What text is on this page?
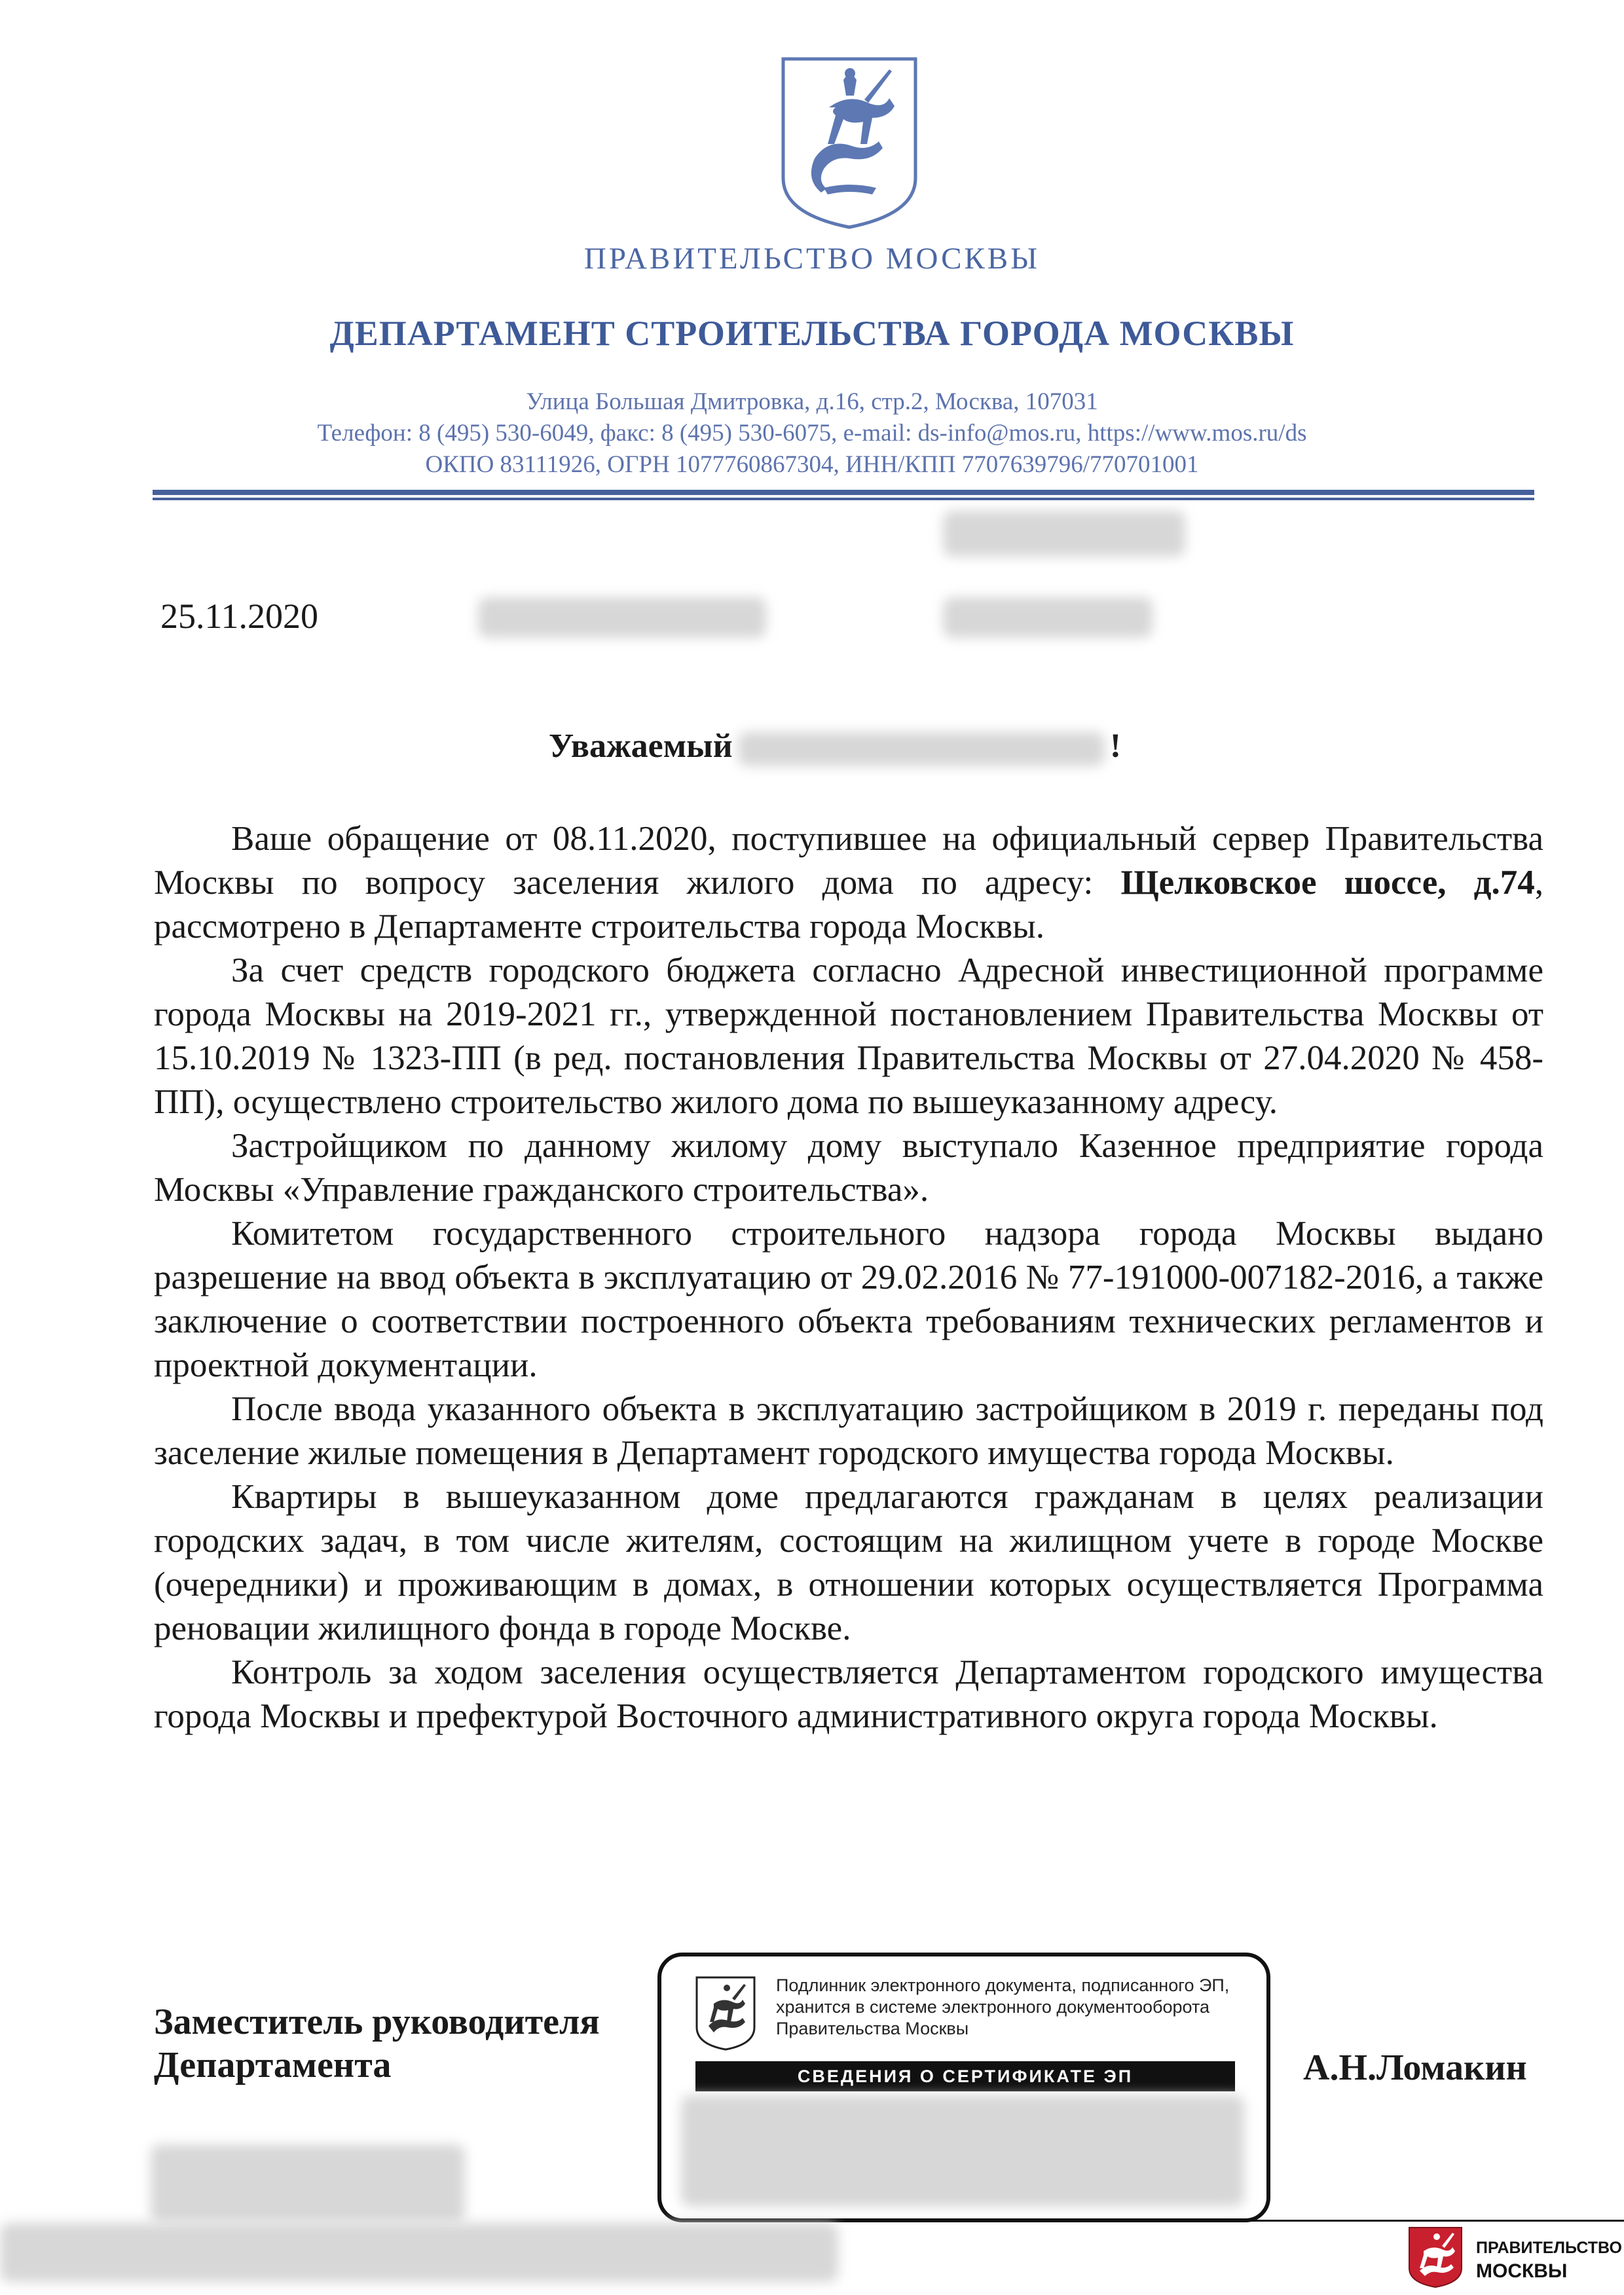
ПРАВИТЕЛЬСТВО МОСКВЫ
ДЕПАРТАМЕНТ СТРОИТЕЛЬСТВА ГОРОДА МОСКВЫ
Улица Большая Дмитровка, д.16, стр.2, Москва, 107031
Телефон: 8 (495) 530-6049, факс: 8 (495) 530-6075, e-mail: ds-info@mos.ru, https://www.mos.ru/ds
ОКПО 83111926, ОГРН 1077760867304, ИНН/КПП 7707639796/770701001
25.11.2020
Уважаемый	!

Ваше обращение от 08.11.2020, поступившее на официальный сервер Правительства Москвы по вопросу заселения жилого дома по адресу: Щелковское шоссе, д.74, рассмотрено в Департаменте строительства города Москвы.

За счет средств городского бюджета согласно Адресной инвестиционной программе города Москвы на 2019-2021 гг., утвержденной постановлением Правительства Москвы от 15.10.2019 № 1323-ПП (в ред. постановления Правительства Москвы от 27.04.2020 № 458-ПП), осуществлено строительство жилого дома по вышеуказанному адресу.

Застройщиком по данному жилому дому выступало Казенное предприятие города Москвы «Управление гражданского строительства».

Комитетом государственного строительного надзора города Москвы выдано разрешение на ввод объекта в эксплуатацию от 29.02.2016 № 77-191000-007182-2016, а также заключение о соответствии построенного объекта требованиям технических регламентов и проектной документации.

После ввода указанного объекта в эксплуатацию застройщиком в 2019 г. переданы под заселение жилые помещения в Департамент городского имущества города Москвы.

Квартиры в вышеуказанном доме предлагаются гражданам в целях реализации городских задач, в том числе жителям, состоящим на жилищном учете в городе Москве (очередники) и проживающим в домах, в отношении которых осуществляется Программа реновации жилищного фонда в городе Москве.

Контроль за ходом заселения осуществляется Департаментом городского имущества города Москвы и префектурой Восточного административного округа города Москвы.

Заместитель руководителя
Департамента
Подлинник электронного документа, подписанного ЭП,
хранится в системе электронного документооборота
Правительства Москвы
СВЕДЕНИЯ О СЕРТИФИКАТЕ ЭП	А.Н.Ломакин
ПРАВИТЕЛЬСТВО
МОСКВЫ
